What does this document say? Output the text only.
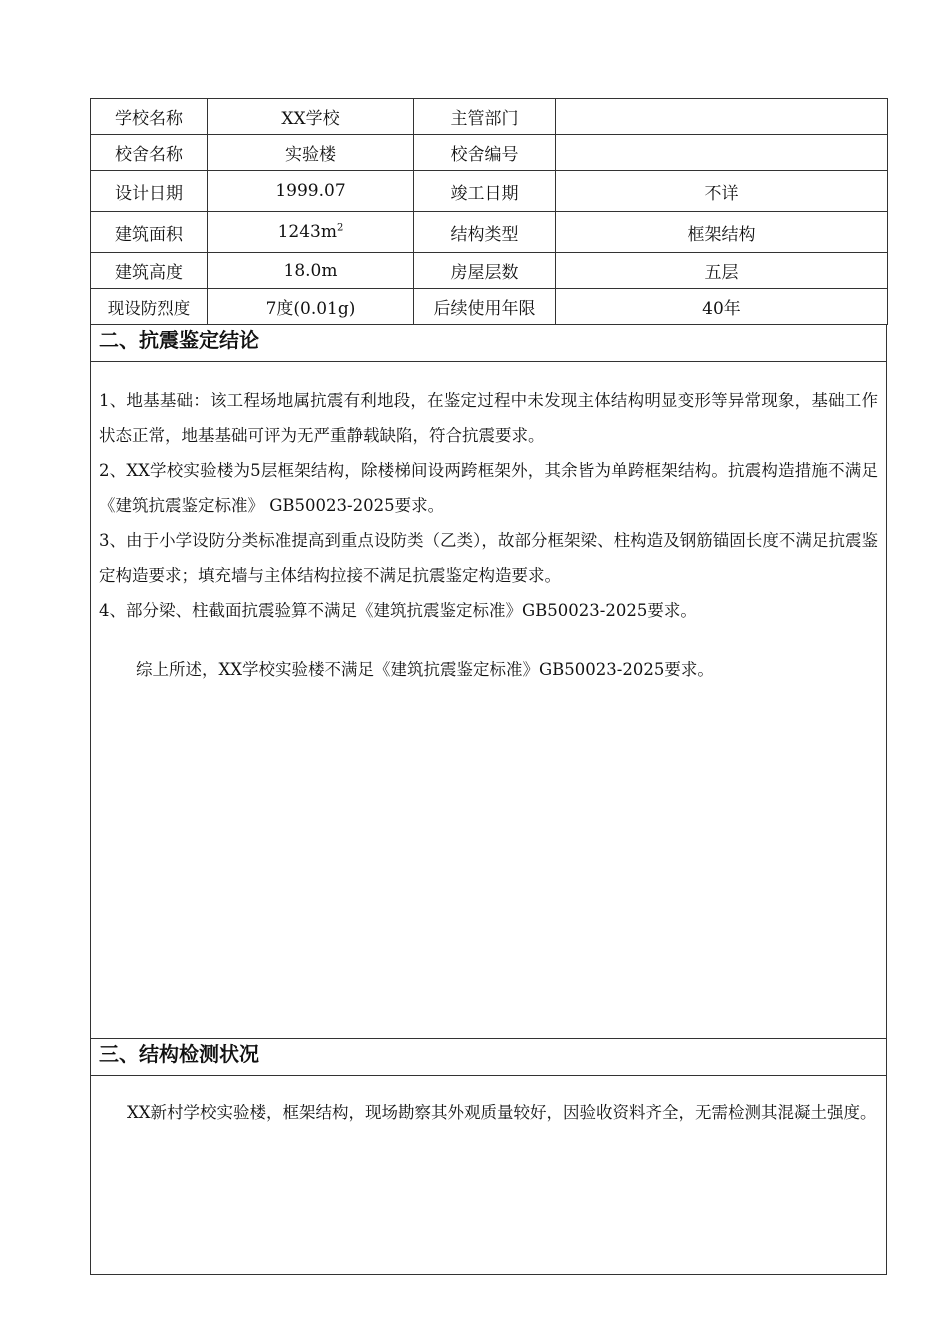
学校名称	XX学校	主管部门	
校舍名称	实验楼	校舍编号	
设计日期	1999.07	竣工日期	不详
建筑面积	$1243m^2$	结构类型	框架结构
建筑高度	18.0m	房屋层数	五层
现设防烈度	7度(0.01g)	后续使用年限	40年
二、抗震鉴定结论

1、地基基础：该工程场地属抗震有利地段，在鉴定过程中未发现主体结构明显变形等异常现象，基础工作状态正常，地基基础可评为无严重静载缺陷，符合抗震要求。

2、XX学校实验楼为5层框架结构，除楼梯间设两跨框架外，其余皆为单跨框架结构。抗震构造措施不满足《建筑抗震鉴定标准》 GB50023-2025要求。

3、由于小学设防分类标准提高到重点设防类（乙类），故部分框架梁、柱构造及钢筋锚固长度不满足抗震鉴定构造要求；填充墙与主体结构拉接不满足抗震鉴定构造要求。

4、部分梁、柱截面抗震验算不满足《建筑抗震鉴定标准》GB50023-2025要求。

综上所述，XX学校实验楼不满足《建筑抗震鉴定标准》GB50023-2025要求。

三、结构检测状况

XX新村学校实验楼，框架结构，现场勘察其外观质量较好，因验收资料齐全，无需检测其混凝土强度。
